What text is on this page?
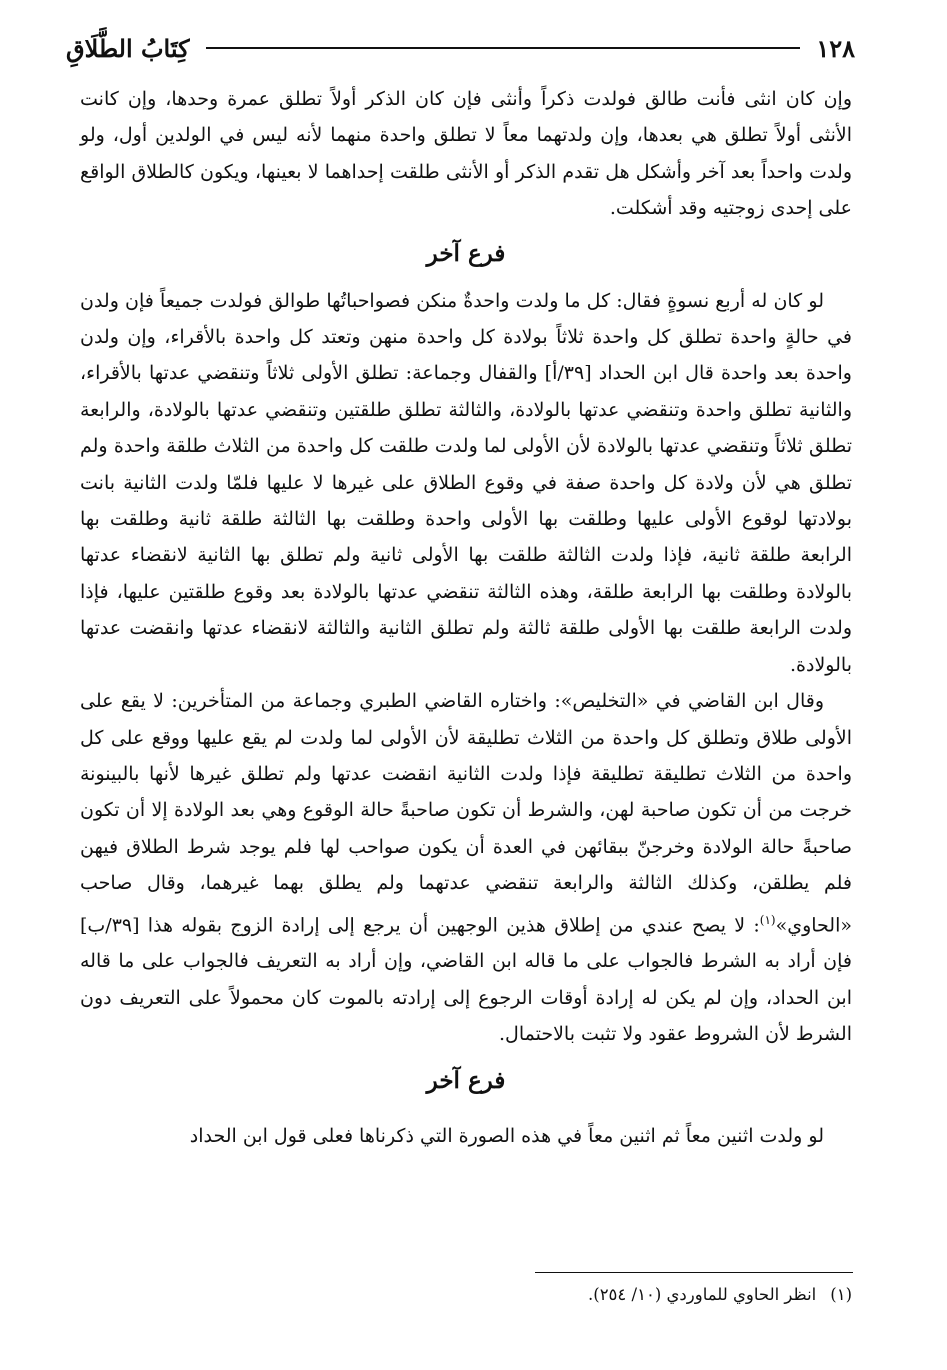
١٢٨
كِتَابُ الطَّلَاقِ

وإن كان انثى فأنت طالق فولدت ذكراً وأنثى فإن كان الذكر أولاً تطلق عمرة وحدها، وإن كانت الأنثى أولاً تطلق هي بعدها، وإن ولدتهما معاً لا تطلق واحدة منهما لأنه ليس في الولدين أول، ولو ولدت واحداً بعد آخر وأشكل هل تقدم الذكر أو الأنثى طلقت إحداهما لا بعينها، ويكون كالطلاق الواقع على إحدى زوجتيه وقد أشكلت.

فرع آخر

لو كان له أربع نسوةٍ فقال: كل ما ولدت واحدةٌ منكن فصواحباتُها طوالق فولدت جميعاً فإن ولدن في حالةٍ واحدة تطلق كل واحدة ثلاثاً بولادة كل واحدة منهن وتعتد كل واحدة بالأقراء، وإن ولدن واحدة بعد واحدة قال ابن الحداد [٣٩/أ] والقفال وجماعة: تطلق الأولى ثلاثاً وتنقضي عدتها بالأقراء، والثانية تطلق واحدة وتنقضي عدتها بالولادة، والثالثة تطلق طلقتين وتنقضي عدتها بالولادة، والرابعة تطلق ثلاثاً وتنقضي عدتها بالولادة لأن الأولى لما ولدت طلقت كل واحدة من الثلاث طلقة واحدة ولم تطلق هي لأن ولادة كل واحدة صفة في وقوع الطلاق على غيرها لا عليها فلمّا ولدت الثانية بانت بولادتها لوقوع الأولى عليها وطلقت بها الأولى واحدة وطلقت بها الثالثة طلقة ثانية وطلقت بها الرابعة طلقة ثانية، فإذا ولدت الثالثة طلقت بها الأولى ثانية ولم تطلق بها الثانية لانقضاء عدتها بالولادة وطلقت بها الرابعة طلقة، وهذه الثالثة تنقضي عدتها بالولادة بعد وقوع طلقتين عليها، فإذا ولدت الرابعة طلقت بها الأولى طلقة ثالثة ولم تطلق الثانية والثالثة لانقضاء عدتها وانقضت عدتها بالولادة.

وقال ابن القاضي في «التخليص»: واختاره القاضي الطبري وجماعة من المتأخرين: لا يقع على الأولى طلاق وتطلق كل واحدة من الثلاث تطليقة لأن الأولى لما ولدت لم يقع عليها ووقع على كل واحدة من الثلاث تطليقة تطليقة فإذا ولدت الثانية انقضت عدتها ولم تطلق غيرها لأنها بالبينونة خرجت من أن تكون صاحبة لهن، والشرط أن تكون صاحبةً حالة الوقوع وهي بعد الولادة إلا أن تكون صاحبةً حالة الولادة وخرجنّ ببقائهن في العدة أن يكون صواحب لها فلم يوجد شرط الطلاق فيهن فلم يطلقن، وكذلك الثالثة والرابعة تنقضي عدتهما ولم يطلق بهما غيرهما، وقال صاحب «الحاوي»$^{(١)}$: لا يصح عندي من إطلاق هذين الوجهين أن يرجع إلى إرادة الزوج بقوله هذا [٣٩/ب] فإن أراد به الشرط فالجواب على ما قاله ابن القاضي، وإن أراد به التعريف فالجواب على ما قاله ابن الحداد، وإن لم يكن له إرادة أوقات الرجوع إلى إرادته بالموت كان محمولاً على التعريف دون الشرط لأن الشروط عقود ولا تثبت بالاحتمال.

فرع آخر

لو ولدت اثنين معاً ثم اثنين معاً في هذه الصورة التي ذكرناها فعلى قول ابن الحداد

(١)انظر الحاوي للماوردي (١٠/ ٢٥٤).
